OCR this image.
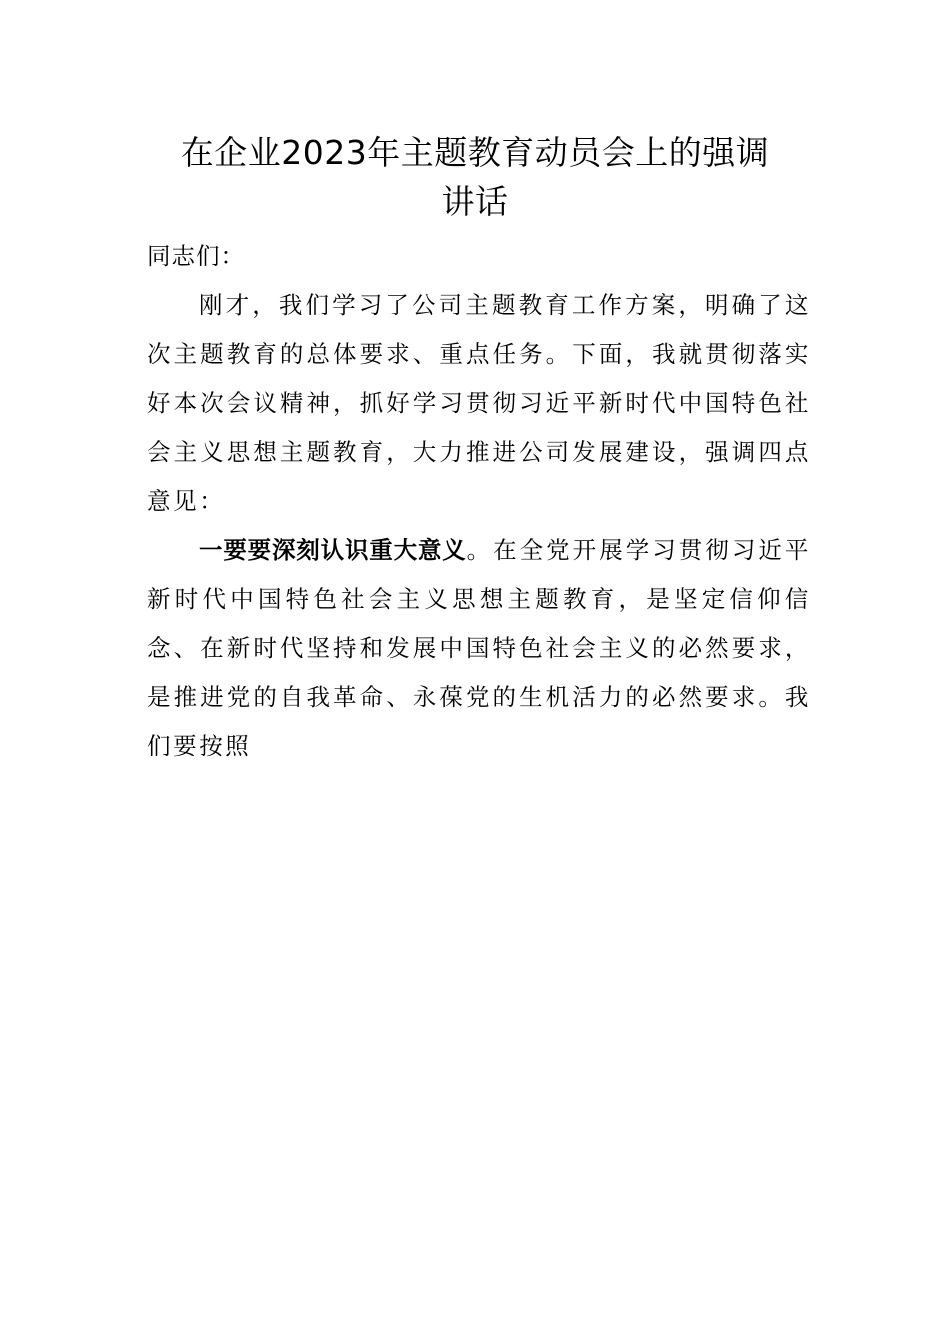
在企业2023年主题教育动员会上的强调
讲话

同志们：

刚才，我们学习了公司主题教育工作方案，明确了这次主题教育的总体要求、重点任务。下面，我就贯彻落实好本次会议精神，抓好学习贯彻习近平新时代中国特色社会主义思想主题教育，大力推进公司发展建设，强调四点意见：

一要要深刻认识重大意义。在全党开展学习贯彻习近平新时代中国特色社会主义思想主题教育，是坚定信仰信念、在新时代坚持和发展中国特色社会主义的必然要求，是推进党的自我革命、永葆党的生机活力的必然要求。我们要按照
